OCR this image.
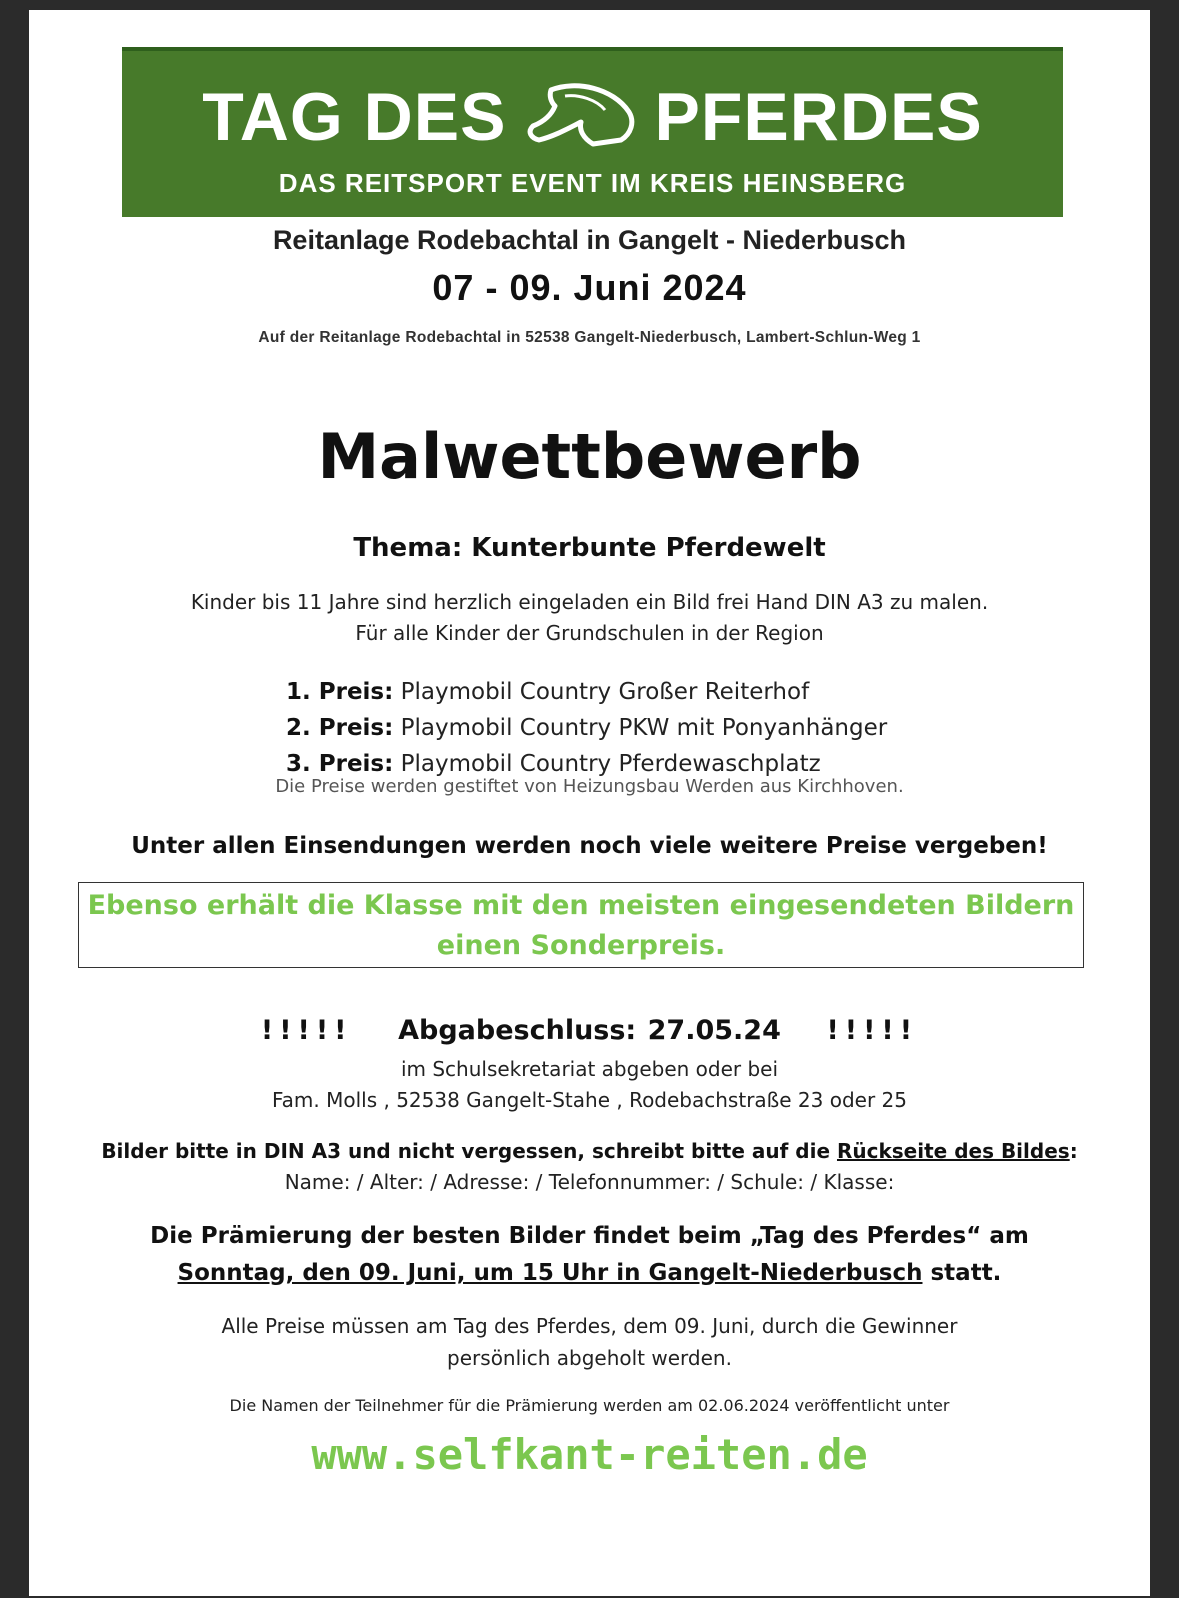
TAG DES PFERDES
DAS REITSPORT EVENT IM KREIS HEINSBERG
Reitanlage Rodebachtal in Gangelt - Niederbusch
07 - 09. Juni 2024
Auf der Reitanlage Rodebachtal in 52538 Gangelt-Niederbusch, Lambert-Schlun-Weg 1
Malwettbewerb
Thema: Kunterbunte Pferdewelt
Kinder bis 11 Jahre sind herzlich eingeladen ein Bild frei Hand DIN A3 zu malen.
Für alle Kinder der Grundschulen in der Region
1. Preis: Playmobil Country Großer Reiterhof
2. Preis: Playmobil Country PKW mit Ponyanhänger
3. Preis: Playmobil Country Pferdewaschplatz
Die Preise werden gestiftet von Heizungsbau Werden aus Kirchhoven.
Unter allen Einsendungen werden noch viele weitere Preise vergeben!
Ebenso erhält die Klasse mit den meisten eingesendeten Bildern
einen Sonderpreis.
!!!!! Abgabeschluss: 27.05.24 !!!!!
im Schulsekretariat abgeben oder bei
Fam. Molls , 52538 Gangelt-Stahe , Rodebachstraße 23 oder 25
Bilder bitte in DIN A3 und nicht vergessen, schreibt bitte auf die Rückseite des Bildes:
Name: / Alter: / Adresse: / Telefonnummer: / Schule: / Klasse:
Die Prämierung der besten Bilder findet beim „Tag des Pferdes“ am
Sonntag, den 09. Juni, um 15 Uhr in Gangelt-Niederbusch statt.
Alle Preise müssen am Tag des Pferdes, dem 09. Juni, durch die Gewinner
persönlich abgeholt werden.
Die Namen der Teilnehmer für die Prämierung werden am 02.06.2024 veröffentlicht unter
www.selfkant-reiten.de
